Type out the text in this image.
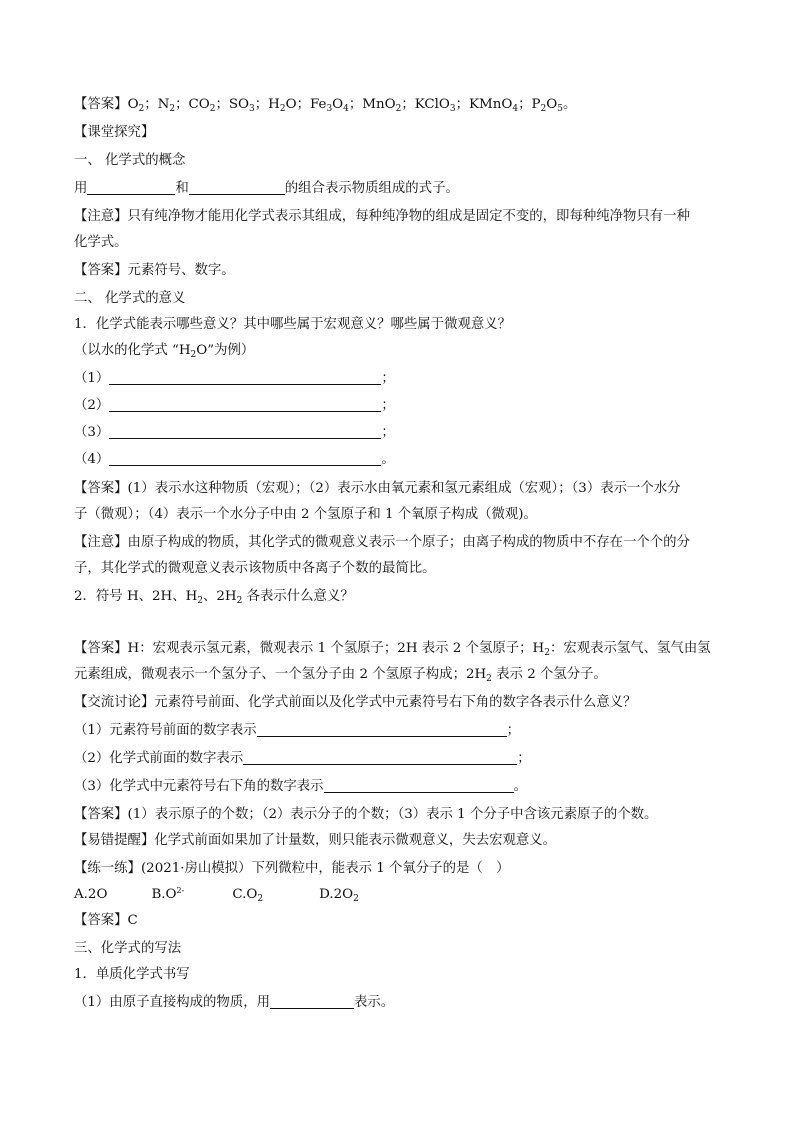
【答案】$O_2$；$N_2$；$CO_2$；$SO_3$；$H_2O$；$Fe_3O_4$；MnO$_2$；KClO$_3$；KMnO$_4$；$P_2O_5$。
【课堂探究】
一、 化学式的概念
用	和	的组合表示物质组成的式子。
【注意】只有纯净物才能用化学式表示其组成，每种纯净物的组成是固定不变的，即每种纯净物只有一种
化学式。
【答案】元素符号、数字。
二、 化学式的意义
1．化学式能表示哪些意义？其中哪些属于宏观意义？哪些属于微观意义？
（以水的化学式 “$H_2O$”为例）
（1）	；
（2）	；
（3）	；
（4）	。
【答案】(1）表示水这种物质（宏观）；（2）表示水由氧元素和氢元素组成（宏观）；（3）表示一个水分
子（微观）；（4）表示一个水分子中由 2 个氢原子和 1 个氧原子构成（微观)。
【注意】由原子构成的物质，其化学式的微观意义表示一个原子；由离子构成的物质中不存在一个个的分
子，其化学式的微观意义表示该物质中各离子个数的最简比。
2．符号 H、2H、$H_2$、$2H_2$ 各表示什么意义？
【答案】H：宏观表示氢元素，微观表示 1 个氢原子；2H 表示 2 个氢原子；$H_2$：宏观表示氢气、氢气由氢
元素组成，微观表示一个氢分子、一个氢分子由 2 个氢原子构成；$2H_2$ 表示 2 个氢分子。
【交流讨论】元素符号前面、化学式前面以及化学式中元素符号右下角的数字各表示什么意义？
（1）元素符号前面的数字表示	；
（2）化学式前面的数字表示	；
（3）化学式中元素符号右下角的数字表示	。
【答案】(1）表示原子的个数；（2）表示分子的个数；（3）表示 1 个分子中含该元素原子的个数。
【易错提醒】化学式前面如果加了计量数，则只能表示微观意义，失去宏观意义。
【练一练】(2021·房山模拟）下列微粒中，能表示 1 个氧分子的是（　）
A.2O	$B.O^{2-}$	$C.O_2$	$D.2O_2$
【答案】C
三、化学式的写法
1．单质化学式书写
（1）由原子直接构成的物质，用	表示。
